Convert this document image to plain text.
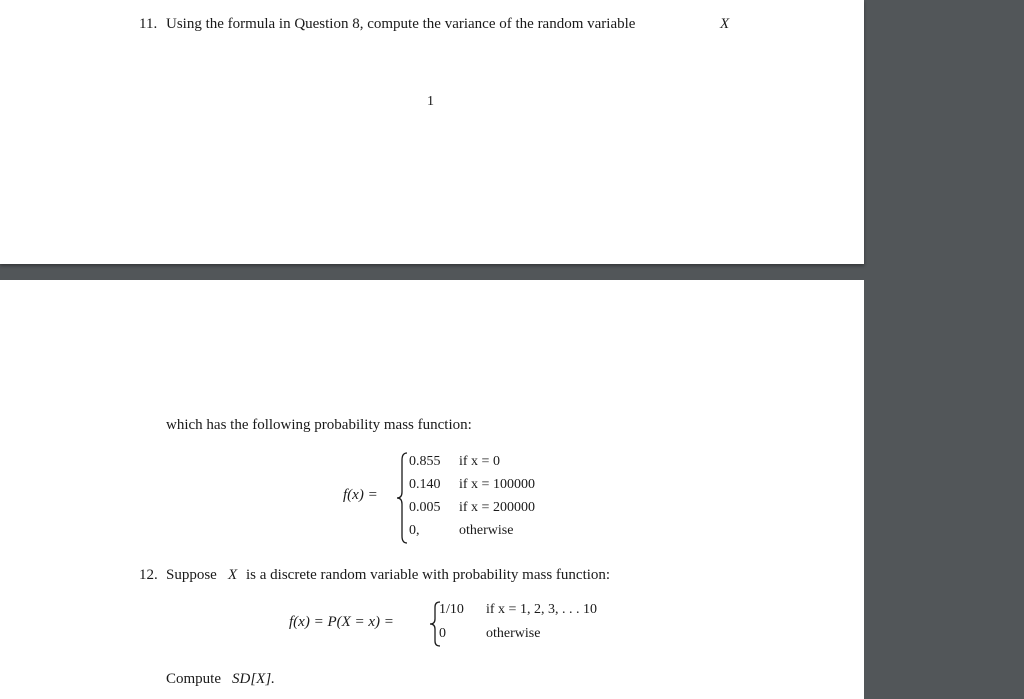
11. Using the formula in Question 8, compute the variance of the random variable	X
1
which has the following probability mass function:
f(x) =
0.855 if x = 0
0.140 if x = 100000
0.005 if x = 200000
0,	otherwise
12. Suppose X is a discrete random variable with probability mass function:
f(x) = P(X = x) =
1/10 if x = 1, 2, 3, . . . 10
0	otherwise
Compute SD[X].
